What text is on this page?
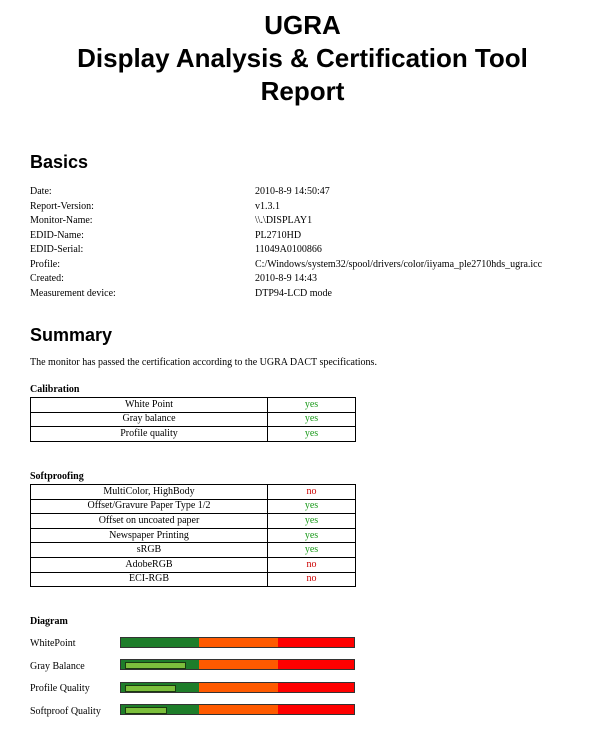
UGRA
Display Analysis & Certification Tool
Report
Basics
Date:	2010-8-9 14:50:47
Report-Version:	v1.3.1
Monitor-Name:	\\.\DISPLAY1
EDID-Name:	PL2710HD
EDID-Serial:	11049A0100866
Profile:	C:/Windows/system32/spool/drivers/color/iiyama_ple2710hds_ugra.icc
Created:	2010-8-9 14:43
Measurement device:	DTP94-LCD mode
Summary
The monitor has passed the certification according to the UGRA DACT specifications.
Calibration
White Point	yes
Gray balance	yes
Profile quality	yes
Softproofing
MultiColor, HighBody	no
Offset/Gravure Paper Type 1/2	yes
Offset on uncoated paper	yes
Newspaper Printing	yes
sRGB	yes
AdobeRGB	no
ECI-RGB	no
Diagram
WhitePoint
Gray Balance
Profile Quality
Softproof Quality
